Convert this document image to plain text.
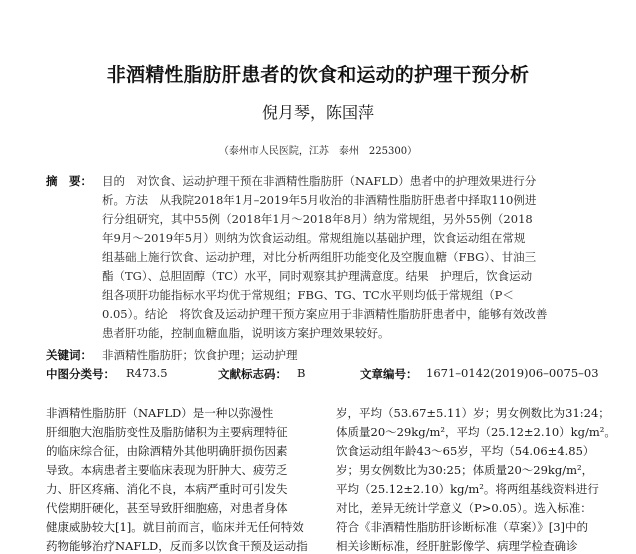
非酒精性脂肪肝患者的饮食和运动的护理干预分析
倪月琴，陈国萍
（泰州市人民医院，江苏　泰州　225300）
摘　要： 目的　对饮食、运动护理干预在非酒精性脂肪肝（NAFLD）患者中的护理效果进行分
析。方法　从我院2018年1月–2019年5月收治的非酒精性脂肪肝患者中择取110例进
行分组研究，其中55例（2018年1月～2018年8月）纳为常规组，另外55例（2018
年9月～2019年5月）则纳为饮食运动组。常规组施以基础护理，饮食运动组在常规
组基础上施行饮食、运动护理，对比分析两组肝功能变化及空腹血糖（FBG）、甘油三
酯（TG）、总胆固醇（TC）水平，同时观察其护理满意度。结果　护理后，饮食运动
组各项肝功能指标水平均优于常规组；FBG、TG、TC水平则均低于常规组（P＜
0.05）。结论　将饮食及运动护理干预方案应用于非酒精性脂肪肝患者中，能够有效改善
患者肝功能，控制血糖血脂，说明该方案护理效果较好。
关键词： 非酒精性脂肪肝；饮食护理；运动护理
中图分类号： R473.5	文献标志码： B	文章编号： 1671–0142(2019)06–0075–03
非酒精性脂肪肝（NAFLD）是一种以弥漫性
肝细胞大泡脂肪变性及脂肪储积为主要病理特征
的临床综合征，由除酒精外其他明确肝损伤因素
导致。本病患者主要临床表现为肝肿大、疲劳乏
力、肝区疼痛、消化不良，本病严重时可引发失
代偿期肝硬化，甚至导致肝细胞癌，对患者身体
健康威胁较大[1]。就目前而言，临床并无任何特效
药物能够治疗NAFLD，反而多以饮食干预及运动指
岁，平均（53.67±5.11）岁；男女例数比为31:24；
体质量20～29kg/m²，平均（25.12±2.10）kg/m²。
饮食运动组年龄43～65岁，平均（54.06±4.85）
岁；男女例数比为30:25；体质量20～29kg/m²，
平均（25.12±2.10）kg/m²。将两组基线资料进行
对比，差异无统计学意义（P>0.05）。选入标准：
符合《非酒精性脂肪肝诊断标准（草案）》[3]中的
相关诊断标准，经肝脏影像学、病理学检查确诊
